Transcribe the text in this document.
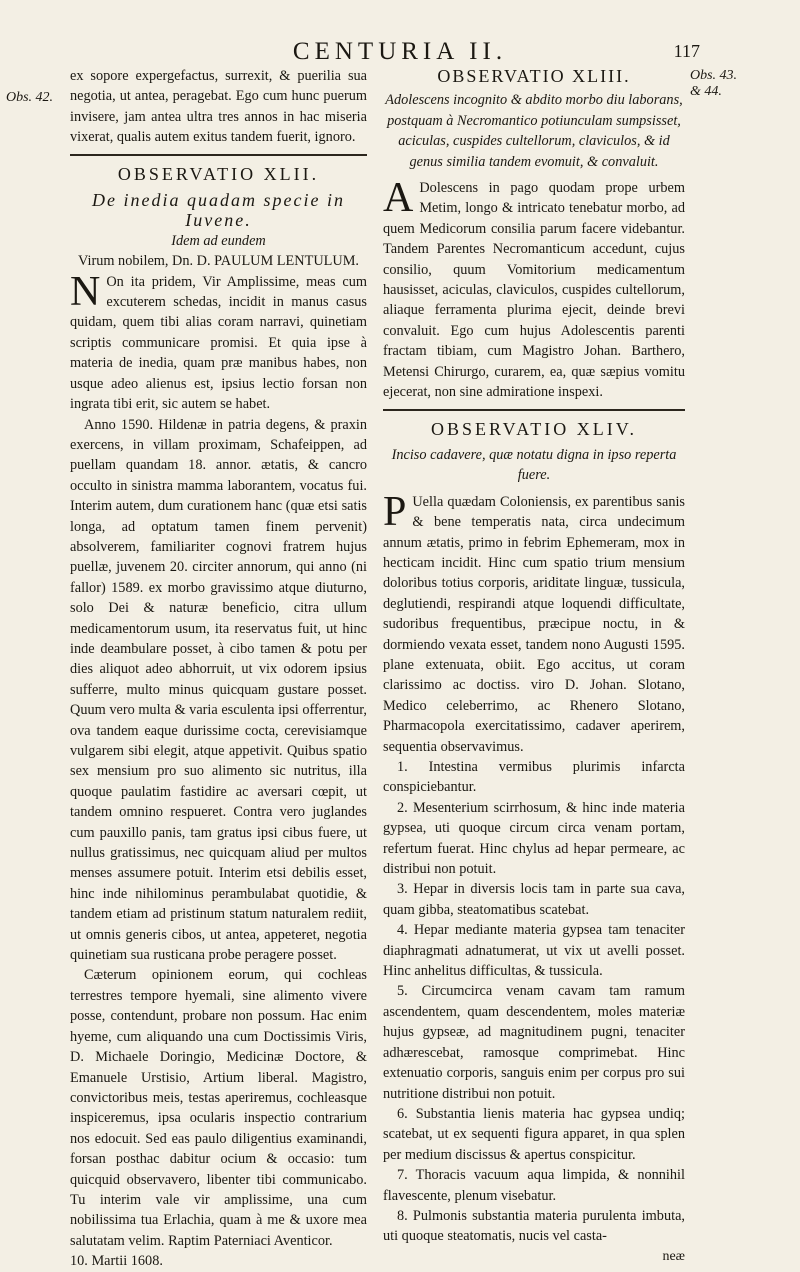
CENTURIA II.	117
Obs. 42.
Obs. 43. & 44.

ex sopore expergefactus, surrexit, & puerilia sua negotia, ut antea, peragebat. Ego cum hunc puerum invisere, jam antea ultra tres annos in hac miseria vixerat, qualis autem exitus tandem fuerit, ignoro.

OBSERVATIO XLII.
De inedia quadam specie in Iuvene.
Idem ad eundem
Virum nobilem, Dn. D. PAULUM LENTULUM.

N On ita pridem, Vir Amplissime, meas cum excuterem schedas, incidit in manus casus quidam, quem tibi alias coram narravi, quinetiam scriptis communicare promisi. Et quia ipse à materia de inedia, quam præ manibus habes, non usque adeo alienus est, ipsius lectio forsan non ingrata tibi erit, sic autem se habet.

Anno 1590. Hildenæ in patria degens, & praxin exercens, in villam proximam, Schafeippen, ad puellam quandam 18. annor. ætatis, & cancro occulto in sinistra mamma laborantem, vocatus fui. Interim autem, dum curationem hanc (quæ etsi satis longa, ad optatum tamen finem pervenit) absolverem, familiariter cognovi fratrem hujus puellæ, juvenem 20. circiter annorum, qui anno (ni fallor) 1589. ex morbo gravissimo atque diuturno, solo Dei & naturæ beneficio, citra ullum medicamentorum usum, ita reservatus fuit, ut hinc inde deambulare posset, à cibo tamen & potu per dies aliquot adeo abhorruit, ut vix odorem ipsius sufferre, multo minus quicquam gustare posset. Quum vero multa & varia esculenta ipsi offerrentur, ova tandem eaque durissime cocta, cerevisiamque vulgarem sibi elegit, atque appetivit. Quibus spatio sex mensium pro suo alimento sic nutritus, illa quoque paulatim fastidire ac aversari cœpit, ut tandem omnino respueret. Contra vero juglandes cum pauxillo panis, tam gratus ipsi cibus fuere, ut nullus gratissimus, nec quicquam aliud per multos menses assumere potuit. Interim etsi debilis esset, hinc inde nihilominus perambulabat quotidie, & tandem etiam ad pristinum statum naturalem rediit, ut omnis generis cibos, ut antea, appeteret, negotia quinetiam sua rusticana probe peragere posset.

Cæterum opinionem eorum, qui cochleas terrestres tempore hyemali, sine alimento vivere posse, contendunt, probare non possum. Hac enim hyeme, cum aliquando una cum Doctissimis Viris, D. Michaele Doringio, Medicinæ Doctore, & Emanuele Urstisio, Artium liberal. Magistro, convictoribus meis, testas aperiremus, cochleasque inspiceremus, ipsa ocularis inspectio contrarium nos edocuit. Sed eas paulo diligentius examinandi, forsan posthac dabitur ocium & occasio: tum quicquid observavero, libenter tibi communicabo. Tu interim vale vir amplissime, una cum nobilissima tua Erlachia, quam à me & uxore mea salutatam velim. Raptim Paterniaci Aventicor.

10. Martii 1608.

OBSERVATIO XLIII.
Adolescens incognito & abdito morbo diu laborans, postquam à Necromantico potiunculam sumpsisset, aciculas, cuspides cultellorum, claviculos, & id genus similia tandem evomuit, & convaluit.

A Dolescens in pago quodam prope urbem Metim, longo & intricato tenebatur morbo, ad quem Medicorum consilia parum facere videbantur. Tandem Parentes Necromanticum accedunt, cujus consilio, quum Vomitorium medicamentum hausisset, aciculas, claviculos, cuspides cultellorum, aliaque ferramenta plurima ejecit, deinde brevi convaluit. Ego cum hujus Adolescentis parenti fractam tibiam, cum Magistro Johan. Barthero, Metensi Chirurgo, curarem, ea, quæ sæpius vomitu ejecerat, non sine admiratione inspexi.

OBSERVATIO XLIV.
Inciso cadavere, quæ notatu digna in ipso reperta fuere.

P Uella quædam Coloniensis, ex parentibus sanis & bene temperatis nata, circa undecimum annum ætatis, primo in febrim Ephemeram, mox in hecticam incidit. Hinc cum spatio trium mensium doloribus totius corporis, ariditate linguæ, tussicula, deglutiendi, respirandi atque loquendi difficultate, sudoribus frequentibus, præcipue noctu, in & dormiendo vexata esset, tandem nono Augusti 1595. plane extenuata, obiit. Ego accitus, ut coram clarissimo ac doctiss. viro D. Johan. Slotano, Medico celeberrimo, ac Rhenero Slotano, Pharmacopola exercitatissimo, cadaver aperirem, sequentia observavimus.

1. Intestina vermibus plurimis infarcta conspiciebantur.
2. Mesenterium scirrhosum, & hinc inde materia gypsea, uti quoque circum circa venam portam, refertum fuerat. Hinc chylus ad hepar permeare, ac distribui non potuit.
3. Hepar in diversis locis tam in parte sua cava, quam gibba, steatomatibus scatebat.
4. Hepar mediante materia gypsea tam tenaciter diaphragmati adnatumerat, ut vix ut avelli posset. Hinc anhelitus difficultas, & tussicula.
5. Circumcirca venam cavam tam ramum ascendentem, quam descendentem, moles materiæ hujus gypseæ, ad magnitudinem pugni, tenaciter adhærescebat, ramosque comprimebat. Hinc extenuatio corporis, sanguis enim per corpus pro sui nutritione distribui non potuit.
6. Substantia lienis materia hac gypsea undiq; scatebat, ut ex sequenti figura apparet, in qua splen per medium discissus & apertus conspicitur.
7. Thoracis vacuum aqua limpida, & nonnihil flavescente, plenum visebatur.
8. Pulmonis substantia materia purulenta imbuta, uti quoque steatomatis, nucis vel casta-
neæ
